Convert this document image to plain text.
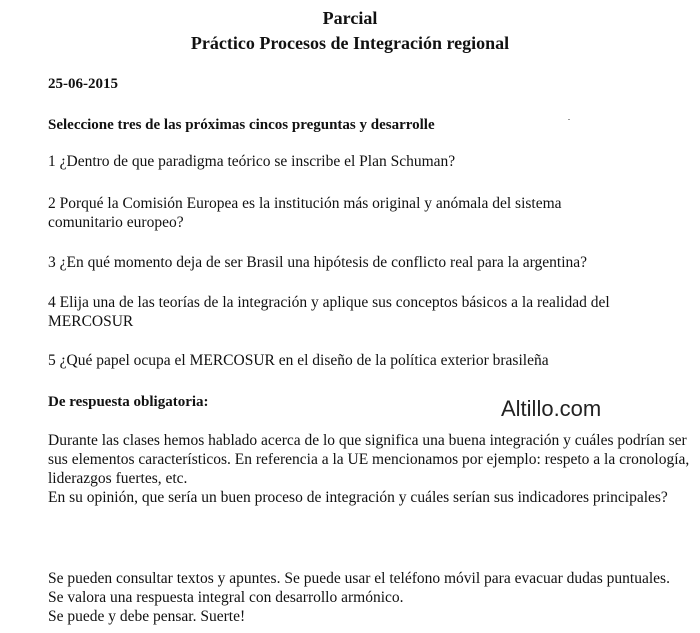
Parcial
Práctico Procesos de Integración regional
25-06-2015
Seleccione tres de las próximas cincos preguntas y desarrolle
1 ¿Dentro de que paradigma teórico se inscribe el Plan Schuman?
2 Porqué la Comisión Europea es la institución más original y anómala del sistema comunitario europeo?
3 ¿En qué momento deja de ser Brasil una hipótesis de conflicto real para la argentina?
4 Elija una de las teorías de la integración y aplique sus conceptos básicos a la realidad del MERCOSUR
5 ¿Qué papel ocupa el MERCOSUR en el diseño de la política exterior brasileña
De respuesta obligatoria:	Altillo.com
Durante las clases hemos hablado acerca de lo que significa una buena integración y cuáles podrían ser sus elementos característicos. En referencia a la UE mencionamos por ejemplo: respeto a la cronología, liderazgos fuertes, etc.
En su opinión, que sería un buen proceso de integración y cuáles serían sus indicadores principales?
Se pueden consultar textos y apuntes. Se puede usar el teléfono móvil para evacuar dudas puntuales. Se valora una respuesta integral con desarrollo armónico.
Se puede y debe pensar. Suerte!
